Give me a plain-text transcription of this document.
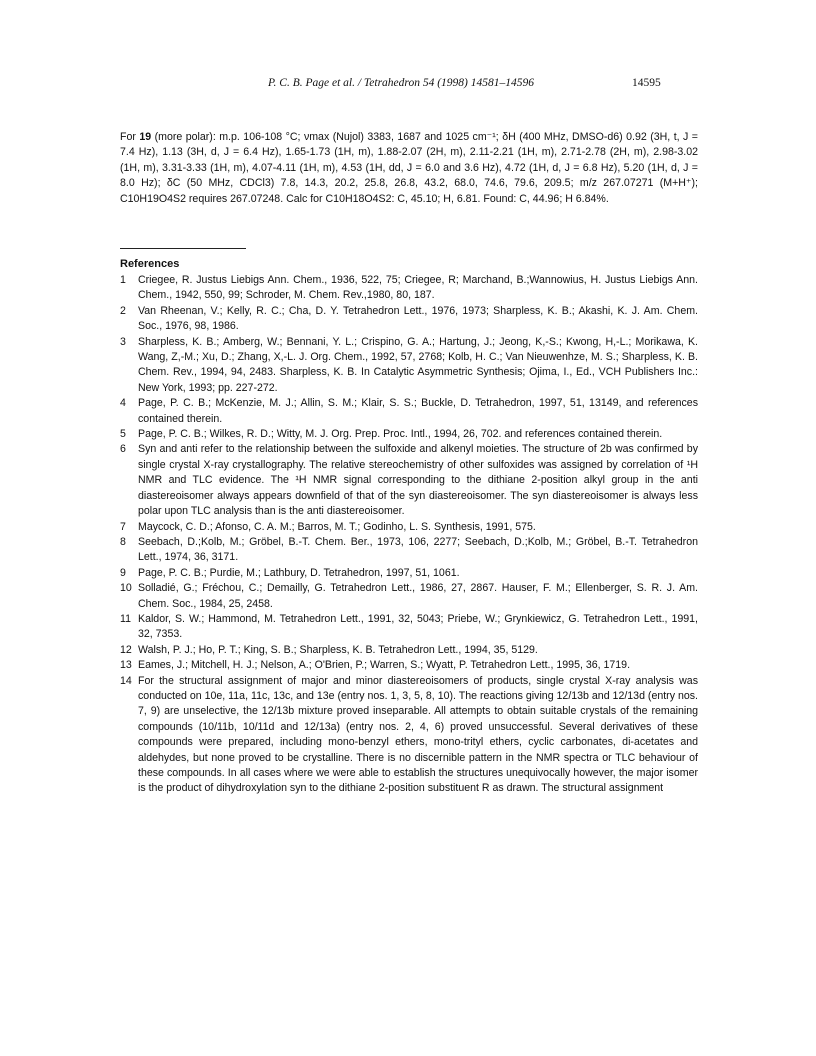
P. C. B. Page et al. / Tetrahedron 54 (1998) 14581–14596	14595
For 19 (more polar): m.p. 106-108 °C; νmax (Nujol) 3383, 1687 and 1025 cm⁻¹; δH (400 MHz, DMSO-d6) 0.92 (3H, t, J = 7.4 Hz), 1.13 (3H, d, J = 6.4 Hz), 1.65-1.73 (1H, m), 1.88-2.07 (2H, m), 2.11-2.21 (1H, m), 2.71-2.78 (2H, m), 2.98-3.02 (1H, m), 3.31-3.33 (1H, m), 4.07-4.11 (1H, m), 4.53 (1H, dd, J = 6.0 and 3.6 Hz), 4.72 (1H, d, J = 6.8 Hz), 5.20 (1H, d, J = 8.0 Hz); δC (50 MHz, CDCl3) 7.8, 14.3, 20.2, 25.8, 26.8, 43.2, 68.0, 74.6, 79.6, 209.5; m/z 267.07271 (M+H⁺); C10H19O4S2 requires 267.07248. Calc for C10H18O4S2: C, 45.10; H, 6.81. Found: C, 44.96; H 6.84%.
References

1	Criegee, R. Justus Liebigs Ann. Chem., 1936, 522, 75; Criegee, R; Marchand, B.;Wannowius, H. Justus Liebigs Ann. Chem., 1942, 550, 99; Schroder, M. Chem. Rev.,1980, 80, 187.

2	Van Rheenan, V.; Kelly, R. C.; Cha, D. Y. Tetrahedron Lett., 1976, 1973; Sharpless, K. B.; Akashi, K. J. Am. Chem. Soc., 1976, 98, 1986.

3	Sharpless, K. B.; Amberg, W.; Bennani, Y. L.; Crispino, G. A.; Hartung, J.; Jeong, K,-S.; Kwong, H,-L.; Morikawa, K. Wang, Z,-M.; Xu, D.; Zhang, X,-L. J. Org. Chem., 1992, 57, 2768; Kolb, H. C.; Van Nieuwenhze, M. S.; Sharpless, K. B. Chem. Rev., 1994, 94, 2483. Sharpless, K. B. In Catalytic Asymmetric Synthesis; Ojima, I., Ed., VCH Publishers Inc.: New York, 1993; pp. 227-272.

4	Page, P. C. B.; McKenzie, M. J.; Allin, S. M.; Klair, S. S.; Buckle, D. Tetrahedron, 1997, 51, 13149, and references contained therein.

5	Page, P. C. B.; Wilkes, R. D.; Witty, M. J. Org. Prep. Proc. Intl., 1994, 26, 702. and references contained therein.

6	Syn and anti refer to the relationship between the sulfoxide and alkenyl moieties. The structure of 2b was confirmed by single crystal X-ray crystallography. The relative stereochemistry of other sulfoxides was assigned by correlation of ¹H NMR and TLC evidence. The ¹H NMR signal corresponding to the dithiane 2-position alkyl group in the anti diastereoisomer always appears downfield of that of the syn diastereoisomer. The syn diastereoisomer is always less polar upon TLC analysis than is the anti diastereoisomer.

7	Maycock, C. D.; Afonso, C. A. M.; Barros, M. T.; Godinho, L. S. Synthesis, 1991, 575.

8	Seebach, D.;Kolb, M.; Gröbel, B.-T. Chem. Ber., 1973, 106, 2277; Seebach, D.;Kolb, M.; Gröbel, B.-T. Tetrahedron Lett., 1974, 36, 3171.

9	Page, P. C. B.; Purdie, M.; Lathbury, D. Tetrahedron, 1997, 51, 1061.

10 Solladié, G.; Fréchou, C.; Demailly, G. Tetrahedron Lett., 1986, 27, 2867. Hauser, F. M.; Ellenberger, S. R. J. Am. Chem. Soc., 1984, 25, 2458.

11 Kaldor, S. W.; Hammond, M. Tetrahedron Lett., 1991, 32, 5043; Priebe, W.; Grynkiewicz, G. Tetrahedron Lett., 1991, 32, 7353.

12 Walsh, P. J.; Ho, P. T.; King, S. B.; Sharpless, K. B. Tetrahedron Lett., 1994, 35, 5129.

13 Eames, J.; Mitchell, H. J.; Nelson, A.; O'Brien, P.; Warren, S.; Wyatt, P. Tetrahedron Lett., 1995, 36, 1719.

14 For the structural assignment of major and minor diastereoisomers of products, single crystal X-ray analysis was conducted on 10e, 11a, 11c, 13c, and 13e (entry nos. 1, 3, 5, 8, 10). The reactions giving 12/13b and 12/13d (entry nos. 7, 9) are unselective, the 12/13b mixture proved inseparable. All attempts to obtain suitable crystals of the remaining compounds (10/11b, 10/11d and 12/13a) (entry nos. 2, 4, 6) proved unsuccessful. Several derivatives of these compounds were prepared, including mono-benzyl ethers, mono-trityl ethers, cyclic carbonates, di-acetates and aldehydes, but none proved to be crystalline. There is no discernible pattern in the NMR spectra or TLC behaviour of these compounds. In all cases where we were able to establish the structures unequivocally however, the major isomer is the product of dihydroxylation syn to the dithiane 2-position substituent R as drawn. The structural assignment
